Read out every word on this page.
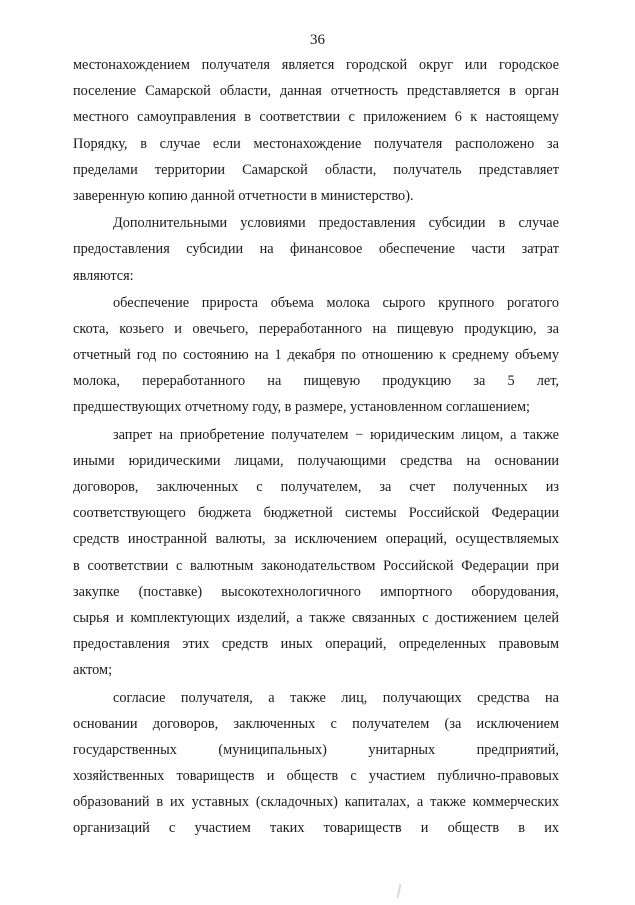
36
местонахождением получателя является городской округ или городское
поселение Самарской области, данная отчетность представляется в орган
местного самоуправления в соответствии с приложением 6 к настоящему
Порядку, в случае если местонахождение получателя расположено за
пределами территории Самарской области, получатель представляет
заверенную копию данной отчетности в министерство).
Дополнительными условиями предоставления субсидии в случае
предоставления субсидии на финансовое обеспечение части затрат
являются:
обеспечение прироста объема молока сырого крупного рогатого
скота, козьего и овечьего, переработанного на пищевую продукцию, за
отчетный год по состоянию на 1 декабря по отношению к среднему объему
молока, переработанного на пищевую продукцию за 5 лет,
предшествующих отчетному году, в размере, установленном соглашением;
запрет на приобретение получателем − юридическим лицом, а также
иными юридическими лицами, получающими средства на основании
договоров, заключенных с получателем, за счет полученных из
соответствующего бюджета бюджетной системы Российской Федерации
средств иностранной валюты, за исключением операций, осуществляемых
в соответствии с валютным законодательством Российской Федерации при
закупке (поставке) высокотехнологичного импортного оборудования,
сырья и комплектующих изделий, а также связанных с достижением целей
предоставления этих средств иных операций, определенных правовым
актом;
согласие получателя, а также лиц, получающих средства на
основании договоров, заключенных с получателем (за исключением
государственных (муниципальных) унитарных предприятий,
хозяйственных товариществ и обществ с участием публично-правовых
образований в их уставных (складочных) капиталах, а также коммерческих
организаций с участием таких товариществ и обществ в их
